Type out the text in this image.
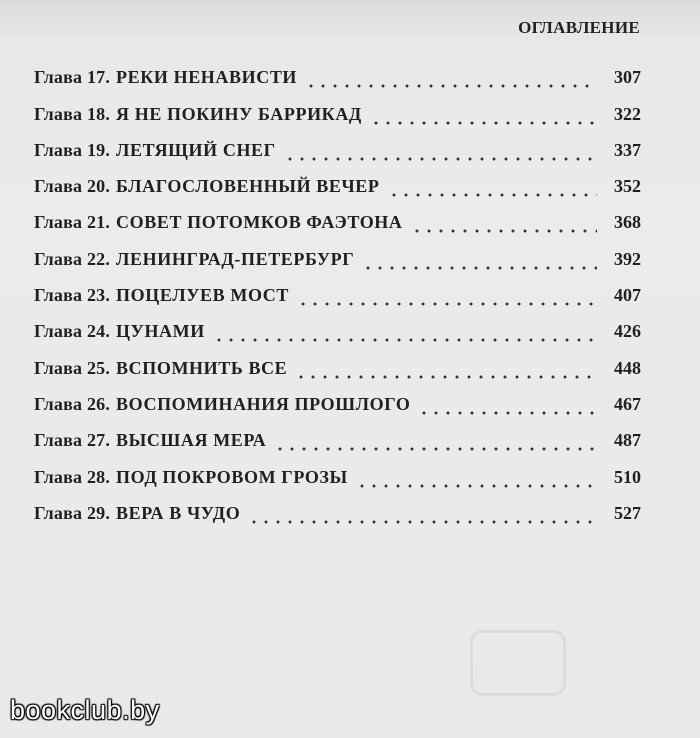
ОГЛАВЛЕНИЕ
Глава 17. РЕКИ НЕНАВИСТИ	307
Глава 18. Я НЕ ПОКИНУ БАРРИКАД	322
Глава 19. ЛЕТЯЩИЙ СНЕГ	337
Глава 20. БЛАГОСЛОВЕННЫЙ ВЕЧЕР	352
Глава 21. СОВЕТ ПОТОМКОВ ФАЭТОНА	368
Глава 22. ЛЕНИНГРАД-ПЕТЕРБУРГ	392
Глава 23. ПОЦЕЛУЕВ МОСТ	407
Глава 24. ЦУНАМИ	426
Глава 25. ВСПОМНИТЬ ВСЕ	448
Глава 26. ВОСПОМИНАНИЯ ПРОШЛОГО	467
Глава 27. ВЫСШАЯ МЕРА	487
Глава 28. ПОД ПОКРОВОМ ГРОЗЫ	510
Глава 29. ВЕРА В ЧУДО	527
bookclub.by
